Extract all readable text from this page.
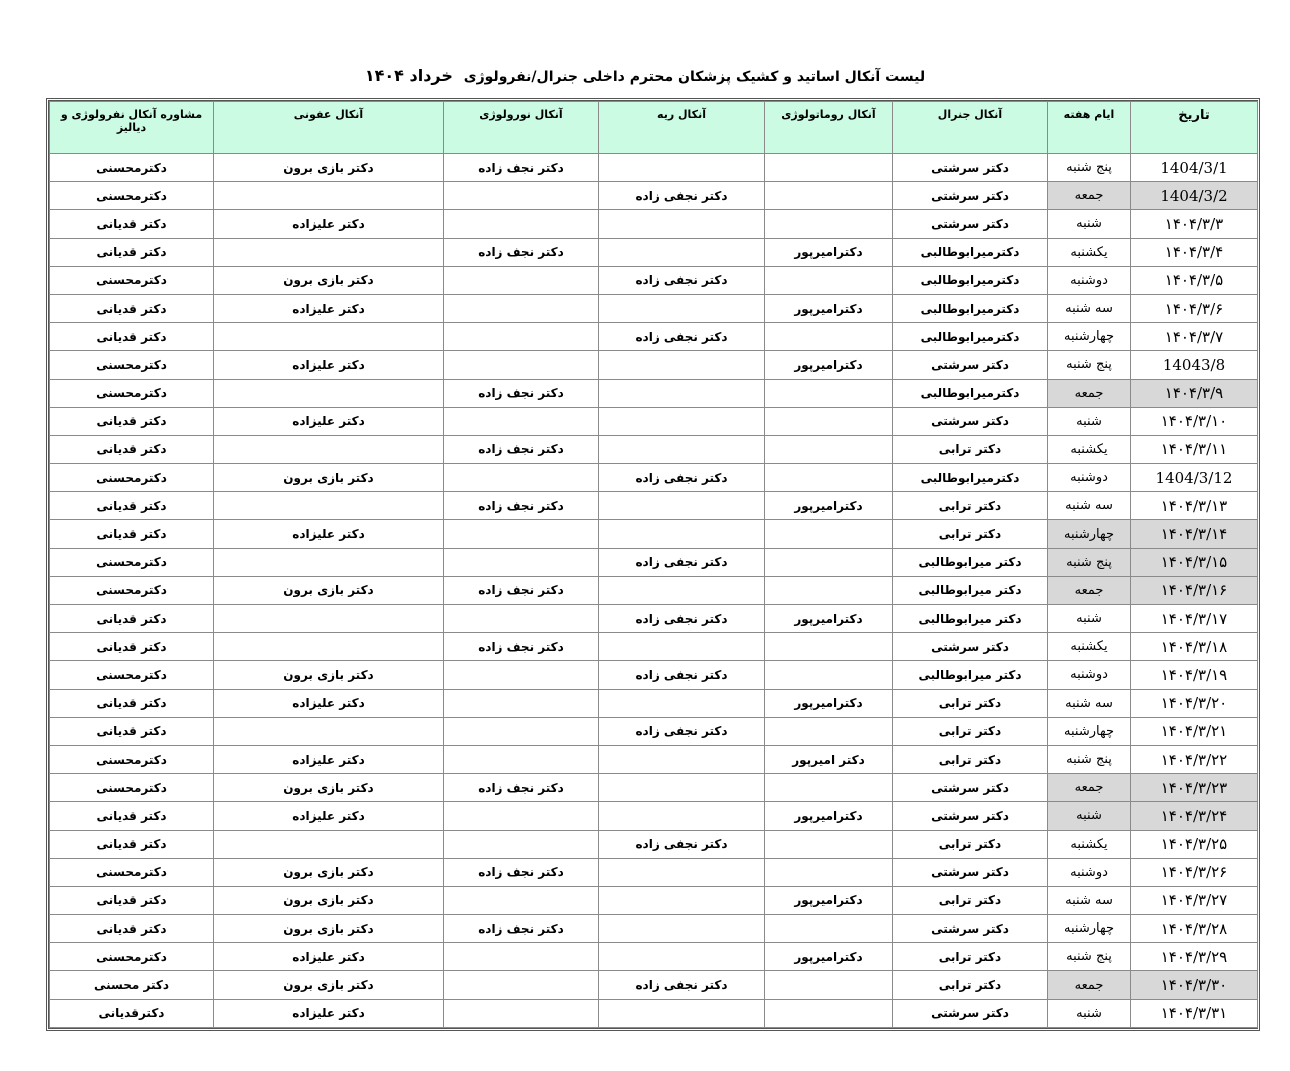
لیست آنکال اساتید و کشیک پزشکان محترم داخلی جنرال/نفرولوژی خرداد ۱۴۰۴
تاریخ	ایام هفته	آنکال جنرال	آنکال روماتولوژی	آنکال ریه	آنکال نورولوژی	آنکال عفونی	مشاوره آنکال نفرولوژی و دیالیز
1404/3/1	پنج شنبه	دکتر سرشتی			دکتر نجف زاده	دکتر بازی برون	دکترمحسنی
1404/3/2	جمعه	دکتر سرشتی		دکتر نجفی زاده			دکترمحسنی
۱۴۰۴/۳/۳	شنبه	دکتر سرشتی				دکتر علیزاده	دکتر قدیانی
۱۴۰۴/۳/۴	یکشنبه	دکترمیرابوطالبی	دکترامیرپور		دکتر نجف زاده		دکتر قدیانی
۱۴۰۴/۳/۵	دوشنبه	دکترمیرابوطالبی		دکتر نجفی زاده		دکتر بازی برون	دکترمحسنی
۱۴۰۴/۳/۶	سه شنبه	دکترمیرابوطالبی	دکترامیرپور			دکتر علیزاده	دکتر قدیانی
۱۴۰۴/۳/۷	چهارشنبه	دکترمیرابوطالبی		دکتر نجفی زاده			دکتر قدیانی
14043/8	پنج شنبه	دکتر سرشتی	دکترامیرپور			دکتر علیزاده	دکترمحسنی
۱۴۰۴/۳/۹	جمعه	دکترمیرابوطالبی			دکتر نجف زاده		دکترمحسنی
۱۴۰۴/۳/۱۰	شنبه	دکتر سرشتی				دکتر علیزاده	دکتر قدیانی
۱۴۰۴/۳/۱۱	یکشنبه	دکتر ترابی			دکتر نجف زاده		دکتر قدیانی
1404/3/12	دوشنبه	دکترمیرابوطالبی		دکتر نجفی زاده		دکتر بازی برون	دکترمحسنی
۱۴۰۴/۳/۱۳	سه شنبه	دکتر ترابی	دکترامیرپور		دکتر نجف زاده		دکتر قدیانی
۱۴۰۴/۳/۱۴	چهارشنبه	دکتر ترابی				دکتر علیزاده	دکتر قدیانی
۱۴۰۴/۳/۱۵	پنج شنبه	دکتر میرابوطالبی		دکتر نجفی زاده			دکترمحسنی
۱۴۰۴/۳/۱۶	جمعه	دکتر میرابوطالبی			دکتر نجف زاده	دکتر بازی برون	دکترمحسنی
۱۴۰۴/۳/۱۷	شنبه	دکتر میرابوطالبی	دکترامیرپور	دکتر نجفی زاده			دکتر قدیانی
۱۴۰۴/۳/۱۸	یکشنبه	دکتر سرشتی			دکتر نجف زاده		دکتر قدیانی
۱۴۰۴/۳/۱۹	دوشنبه	دکتر میرابوطالبی		دکتر نجفی زاده		دکتر بازی برون	دکترمحسنی
۱۴۰۴/۳/۲۰	سه شنبه	دکتر ترابی	دکترامیرپور			دکتر علیزاده	دکتر قدیانی
۱۴۰۴/۳/۲۱	چهارشنبه	دکتر ترابی		دکتر نجفی زاده			دکتر قدیانی
۱۴۰۴/۳/۲۲	پنج شنبه	دکتر ترابی	دکتر امیرپور			دکتر علیزاده	دکترمحسنی
۱۴۰۴/۳/۲۳	جمعه	دکتر سرشتی			دکتر نجف زاده	دکتر بازی برون	دکترمحسنی
۱۴۰۴/۳/۲۴	شنبه	دکتر سرشتی	دکترامیرپور			دکتر علیزاده	دکتر قدیانی
۱۴۰۴/۳/۲۵	یکشنبه	دکتر ترابی		دکتر نجفی زاده			دکتر قدیانی
۱۴۰۴/۳/۲۶	دوشنبه	دکتر سرشتی			دکتر نجف زاده	دکتر بازی برون	دکترمحسنی
۱۴۰۴/۳/۲۷	سه شنبه	دکتر ترابی	دکترامیرپور			دکتر بازی برون	دکتر قدیانی
۱۴۰۴/۳/۲۸	چهارشنبه	دکتر سرشتی			دکتر نجف زاده	دکتر بازی برون	دکتر قدیانی
۱۴۰۴/۳/۲۹	پنج شنبه	دکتر ترابی	دکترامیرپور			دکتر علیزاده	دکترمحسنی
۱۴۰۴/۳/۳۰	جمعه	دکتر ترابی		دکتر نجفی زاده		دکتر بازی برون	دکتر محسنی
۱۴۰۴/۳/۳۱	شنبه	دکتر سرشتی				دکتر علیزاده	دکترقدیانی
